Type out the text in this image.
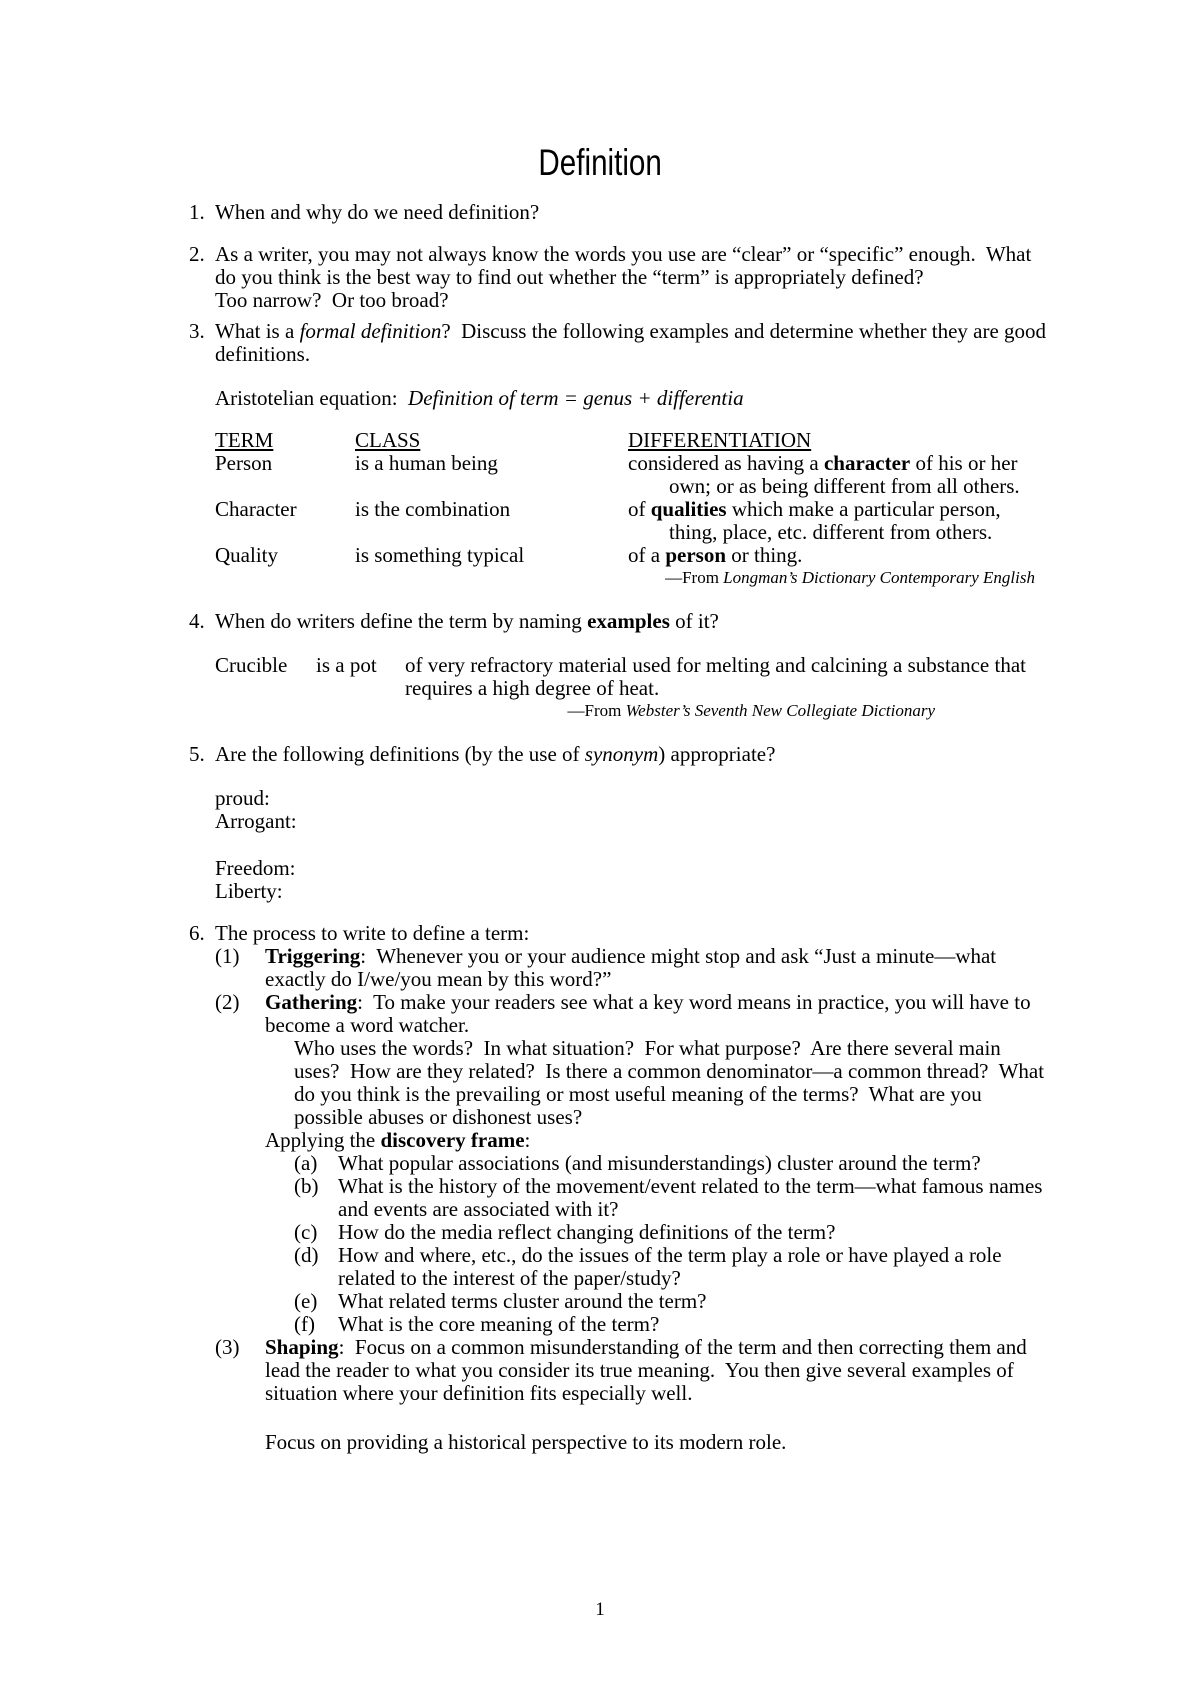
Definition
1. When and why do we need definition?
2. As a writer, you may not always know the words you use are “clear” or “specific” enough.  What
do you think is the best way to find out whether the “term” is appropriately defined?
Too narrow?  Or too broad?
3. What is a formal definition?  Discuss the following examples and determine whether they are good
definitions.
Aristotelian equation:  Definition of term = genus + differentia
TERM	CLASS	DIFFERENTIATION
Person	is a human being	considered as having a character of his or her
own; or as being different from all others.
Character	is the combination	of qualities which make a particular person,
thing, place, etc. different from others.
Quality	is something typical	of a person or thing.
—From Longman’s Dictionary Contemporary English
4. When do writers define the term by naming examples of it?
Crucible	is a pot	of very refractory material used for melting and calcining a substance that
requires a high degree of heat.
—From Webster’s Seventh New Collegiate Dictionary
5. Are the following definitions (by the use of synonym) appropriate?
proud:
Arrogant:
Freedom:
Liberty:
6. The process to write to define a term:
(1)	Triggering:  Whenever you or your audience might stop and ask “Just a minute—what
exactly do I/we/you mean by this word?”
(2)	Gathering:  To make your readers see what a key word means in practice, you will have to
become a word watcher.
Who uses the words?  In what situation?  For what purpose?  Are there several main
uses?  How are they related?  Is there a common denominator—a common thread?  What
do you think is the prevailing or most useful meaning of the terms?  What are you
possible abuses or dishonest uses?
Applying the discovery frame:
(a) What popular associations (and misunderstandings) cluster around the term?
(b) What is the history of the movement/event related to the term—what famous names
and events are associated with it?
(c) How do the media reflect changing definitions of the term?
(d) How and where, etc., do the issues of the term play a role or have played a role
related to the interest of the paper/study?
(e) What related terms cluster around the term?
(f)	What is the core meaning of the term?
(3)	Shaping:  Focus on a common misunderstanding of the term and then correcting them and
lead the reader to what you consider its true meaning.  You then give several examples of
situation where your definition fits especially well.
Focus on providing a historical perspective to its modern role.
1
